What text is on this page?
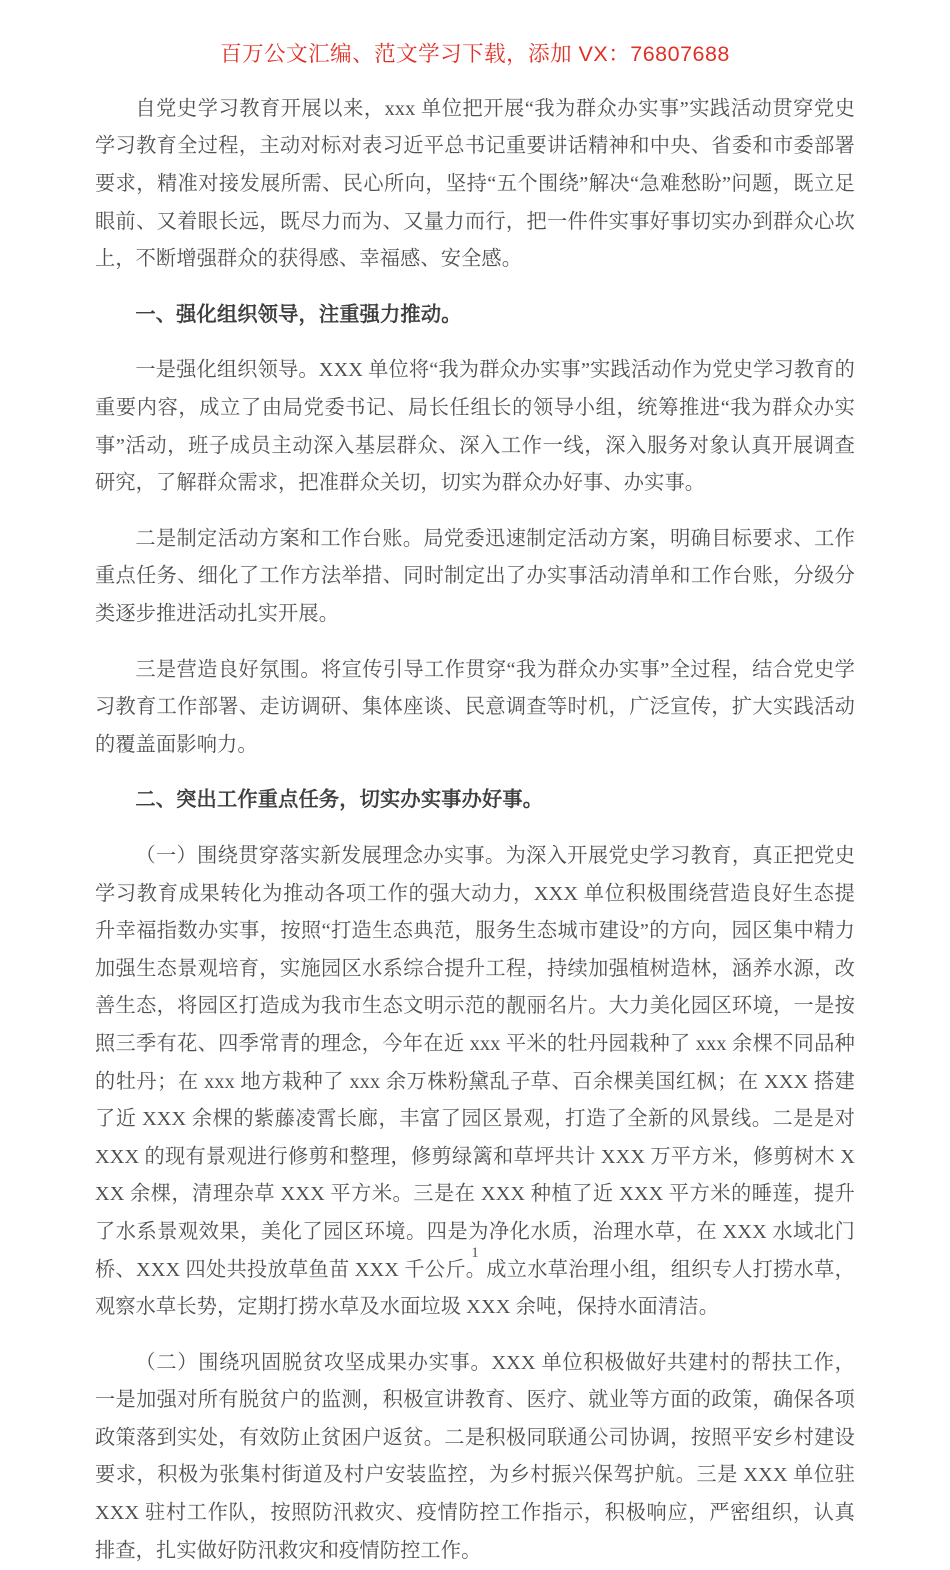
百万公文汇编、范文学习下载，添加 VX：76807688

自党史学习教育开展以来，xxx 单位把开展“我为群众办实事”实践活动贯穿党史学习教育全过程，主动对标对表习近平总书记重要讲话精神和中央、省委和市委部署要求，精准对接发展所需、民心所向，坚持“五个围绕”解决“急难愁盼”问题，既立足眼前、又着眼长远，既尽力而为、又量力而行，把一件件实事好事切实办到群众心坎上，不断增强群众的获得感、幸福感、安全感。

一、强化组织领导，注重强力推动。

一是强化组织领导。XXX 单位将“我为群众办实事”实践活动作为党史学习教育的重要内容，成立了由局党委书记、局长任组长的领导小组，统筹推进“我为群众办实事”活动，班子成员主动深入基层群众、深入工作一线，深入服务对象认真开展调查研究，了解群众需求，把准群众关切，切实为群众办好事、办实事。

二是制定活动方案和工作台账。局党委迅速制定活动方案，明确目标要求、工作重点任务、细化了工作方法举措、同时制定出了办实事活动清单和工作台账，分级分类逐步推进活动扎实开展。

三是营造良好氛围。将宣传引导工作贯穿“我为群众办实事”全过程，结合党史学习教育工作部署、走访调研、集体座谈、民意调查等时机，广泛宣传，扩大实践活动的覆盖面影响力。

二、突出工作重点任务，切实办实事办好事。

（一）围绕贯穿落实新发展理念办实事。为深入开展党史学习教育，真正把党史学习教育成果转化为推动各项工作的强大动力，XXX 单位积极围绕营造良好生态提升幸福指数办实事，按照“打造生态典范，服务生态城市建设”的方向，园区集中精力加强生态景观培育，实施园区水系综合提升工程，持续加强植树造林，涵养水源，改善生态，将园区打造成为我市生态文明示范的靓丽名片。大力美化园区环境，一是按照三季有花、四季常青的理念，今年在近 xxx 平米的牡丹园栽种了 xxx 余棵不同品种的牡丹；在 xxx 地方栽种了 xxx 余万株粉黛乱子草、百余棵美国红枫；在 XXX 搭建了近 XXX 余棵的紫藤凌霄长廊，丰富了园区景观，打造了全新的风景线。二是是对 XXX 的现有景观进行修剪和整理，修剪绿篱和草坪共计 XXX 万平方米，修剪树木 XXX 余棵，清理杂草 XXX 平方米。三是在 XXX 种植了近 XXX 平方米的睡莲，提升了水系景观效果，美化了园区环境。四是为净化水质，治理水草，在 XXX 水域北门桥、XXX 四处共投放草鱼苗 XXX 千公斤。成立水草治理小组，组织专人打捞水草，观察水草长势，定期打捞水草及水面垃圾 XXX 余吨，保持水面清洁。

（二）围绕巩固脱贫攻坚成果办实事。XXX 单位积极做好共建村的帮扶工作，一是加强对所有脱贫户的监测，积极宣讲教育、医疗、就业等方面的政策，确保各项政策落到实处，有效防止贫困户返贫。二是积极同联通公司协调，按照平安乡村建设要求，积极为张集村街道及村户安装监控，为乡村振兴保驾护航。三是 XXX 单位驻 XXX 驻村工作队，按照防汛救灾、疫情防控工作指示，积极响应，严密组织，认真排查，扎实做好防汛救灾和疫情防控工作。

1
